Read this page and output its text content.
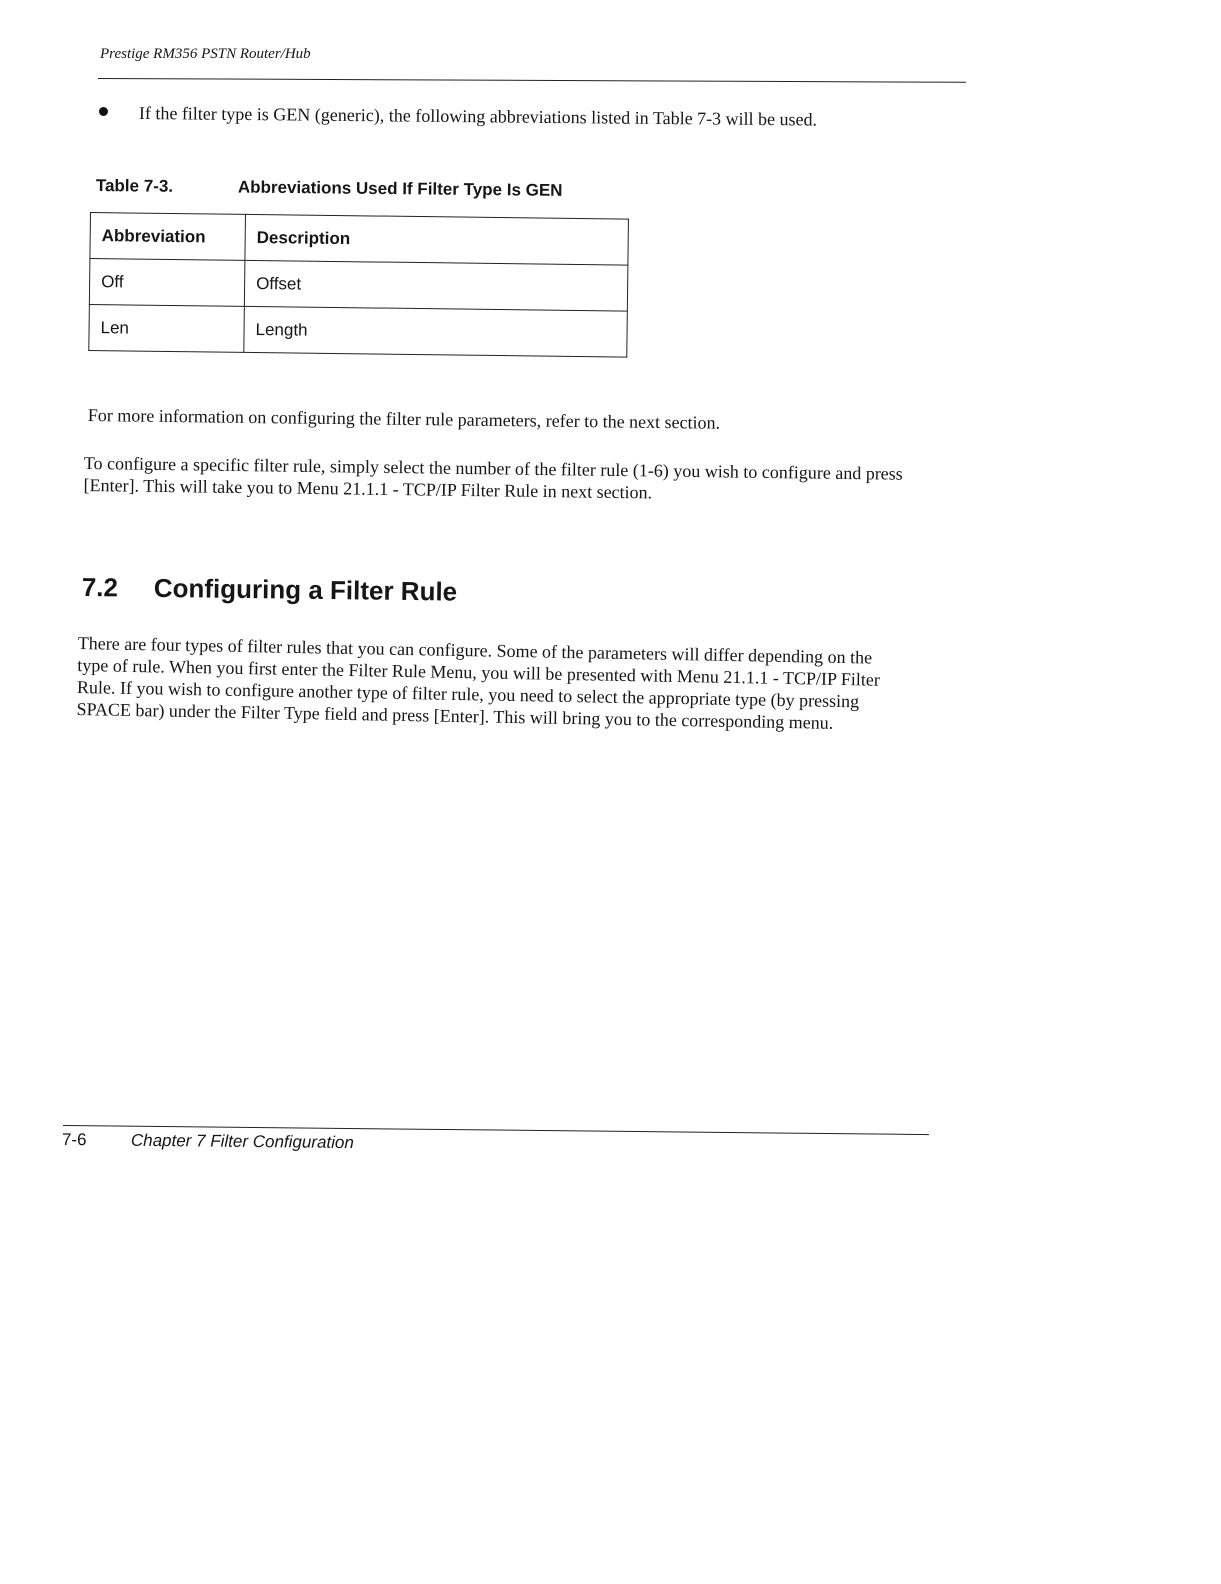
Prestige RM356 PSTN Router/Hub
If the filter type is GEN (generic), the following abbreviations listed in Table 7-3 will be used.
Table 7-3.	Abbreviations Used If Filter Type Is GEN
Abbreviation	Description
Off	Offset
Len	Length
For more information on configuring the filter rule parameters, refer to the next section.
To configure a specific filter rule, simply select the number of the filter rule (1-6) you wish to configure and press [Enter]. This will take you to Menu 21.1.1 - TCP/IP Filter Rule in next section.
7.2 Configuring a Filter Rule
There are four types of filter rules that you can configure. Some of the parameters will differ depending on the type of rule. When you first enter the Filter Rule Menu, you will be presented with Menu 21.1.1 - TCP/IP Filter Rule. If you wish to configure another type of filter rule, you need to select the appropriate type (by pressing SPACE bar) under the Filter Type field and press [Enter]. This will bring you to the corresponding menu.
7-6	Chapter 7 Filter Configuration
